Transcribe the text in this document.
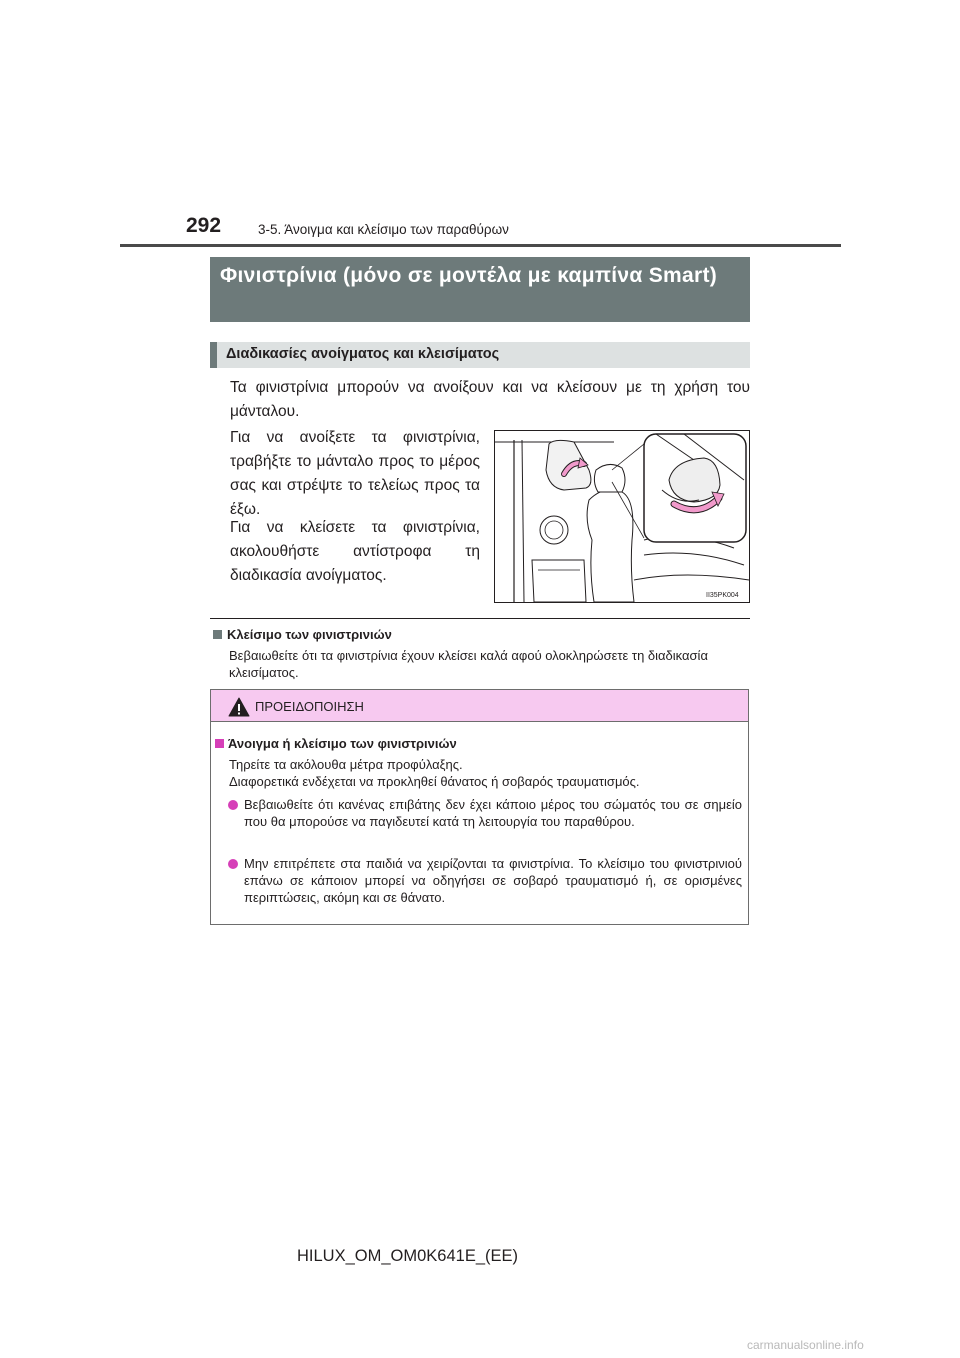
292	3-5. Άνοιγμα και κλείσιμο των παραθύρων
Φινιστρίνια (μόνο σε μοντέλα με καμπίνα Smart)
Διαδικασίες ανοίγματος και κλεισίματος
Τα φινιστρίνια μπορούν να ανοίξουν και να κλείσουν με τη χρήση του μάνταλου.
Για να ανοίξετε τα φινιστρίνια, τραβήξτε το μάνταλο προς το μέρος σας και στρέψτε το τελείως προς τα έξω.
Για να κλείσετε τα φινιστρίνια, ακολουθήστε αντίστροφα τη διαδικασία ανοίγματος.
II35PK004
Κλείσιμο των φινιστρινιών
Βεβαιωθείτε ότι τα φινιστρίνια έχουν κλείσει καλά αφού ολοκληρώσετε τη διαδικασία κλεισίματος.
ΠΡΟΕΙΔΟΠΟΙΗΣΗ
Άνοιγμα ή κλείσιμο των φινιστρινιών
Τηρείτε τα ακόλουθα μέτρα προφύλαξης.
Διαφορετικά ενδέχεται να προκληθεί θάνατος ή σοβαρός τραυματισμός.
Βεβαιωθείτε ότι κανένας επιβάτης δεν έχει κάποιο μέρος του σώματός του σε σημείο που θα μπορούσε να παγιδευτεί κατά τη λειτουργία του παραθύρου.
Μην επιτρέπετε στα παιδιά να χειρίζονται τα φινιστρίνια. Το κλείσιμο του φινιστρινιού επάνω σε κάποιον μπορεί να οδηγήσει σε σοβαρό τραυματισμό ή, σε ορισμένες περιπτώσεις, ακόμη και σε θάνατο.
HILUX_OM_OM0K641E_(EE)
carmanualsonline.info
